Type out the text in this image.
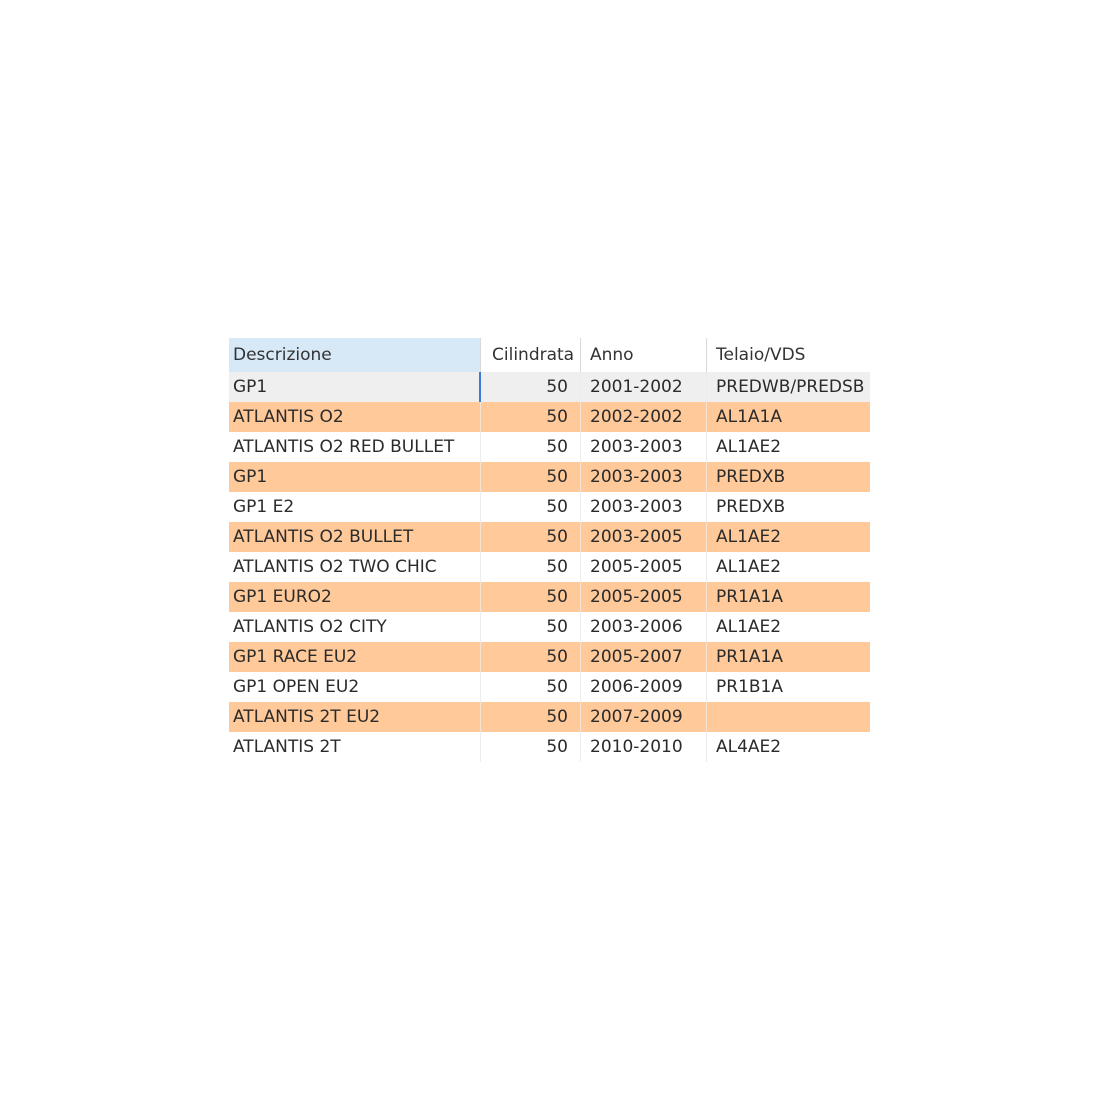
Descrizione	Cilindrata Anno	Telaio/VDS
GP1	50	2001-2002	PREDWB/PREDSB
ATLANTIS O2	50	2002-2002	AL1A1A
ATLANTIS O2 RED BULLET	50	2003-2003	AL1AE2
GP1	50	2003-2003	PREDXB
GP1 E2	50	2003-2003	PREDXB
ATLANTIS O2 BULLET	50	2003-2005	AL1AE2
ATLANTIS O2 TWO CHIC	50	2005-2005	AL1AE2
GP1 EURO2	50	2005-2005	PR1A1A
ATLANTIS O2 CITY	50	2003-2006	AL1AE2
GP1 RACE EU2	50	2005-2007	PR1A1A
GP1 OPEN EU2	50	2006-2009	PR1B1A
ATLANTIS 2T EU2	50	2007-2009
ATLANTIS 2T	50	2010-2010	AL4AE2
